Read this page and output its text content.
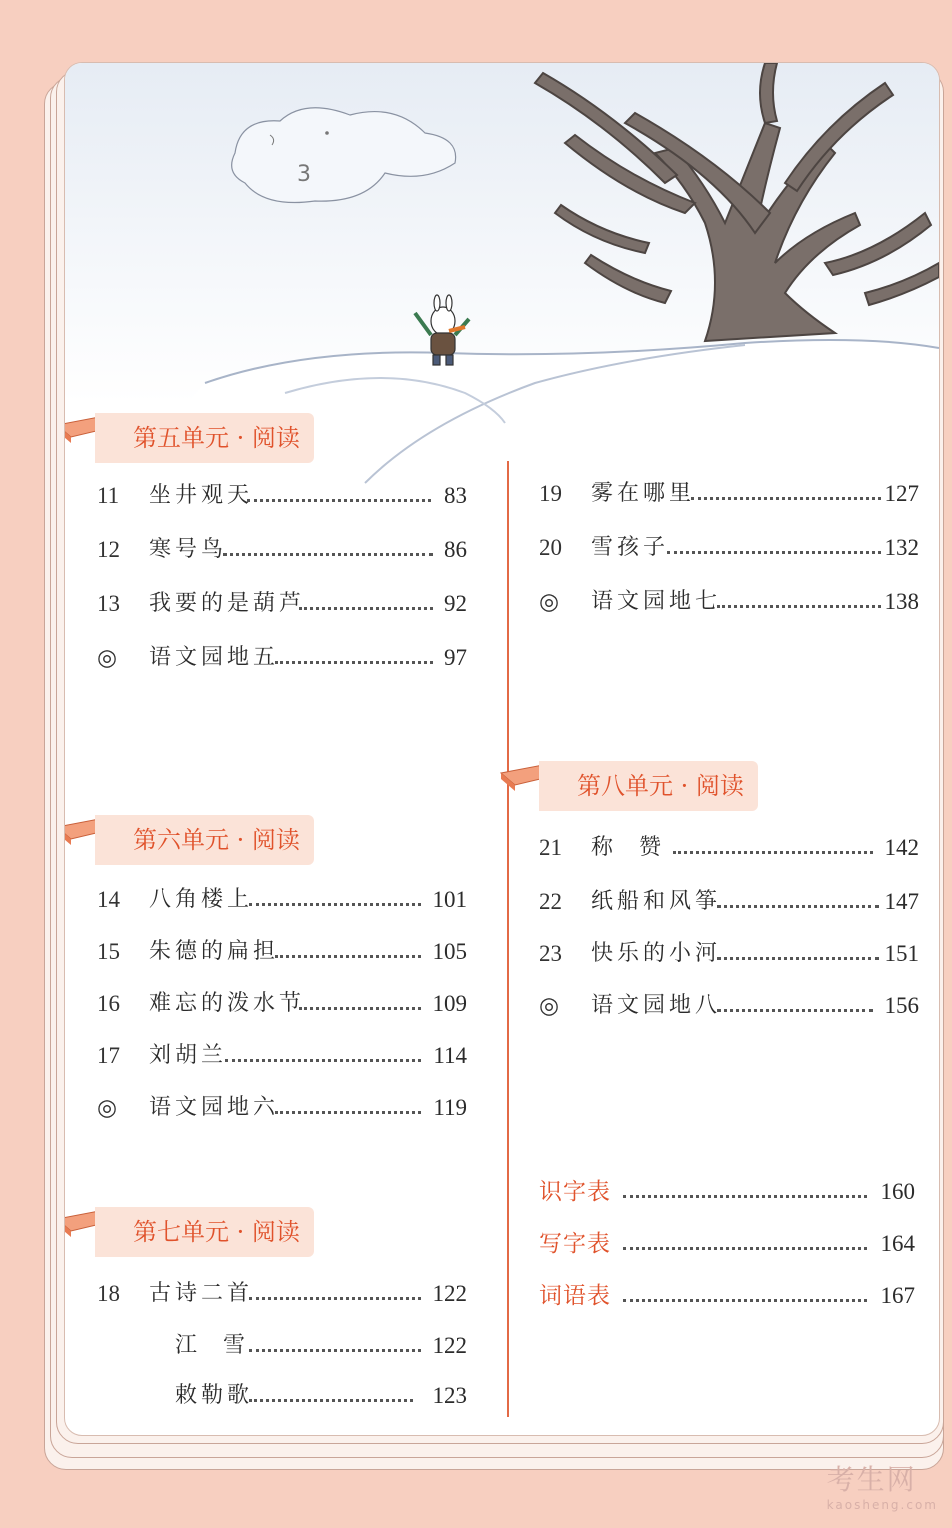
3
第五单元 · 阅读
11	坐井观天	83
12	寒号鸟	86
13	我要的是葫芦	92
◎	语文园地五	97
第六单元 · 阅读
14	八角楼上	101
15	朱德的扁担	105
16	难忘的泼水节	109
17	刘胡兰	114
◎	语文园地六	119
第七单元 · 阅读
18	古诗二首	122
江  雪	122
敕勒歌	123
19	雾在哪里	127
20	雪孩子	132
◎	语文园地七	138
第八单元 · 阅读
21	称  赞	142
22	纸船和风筝	147
23	快乐的小河	151
◎	语文园地八	156
识字表	160
写字表	164
词语表	167
考生网
kaosheng.com
